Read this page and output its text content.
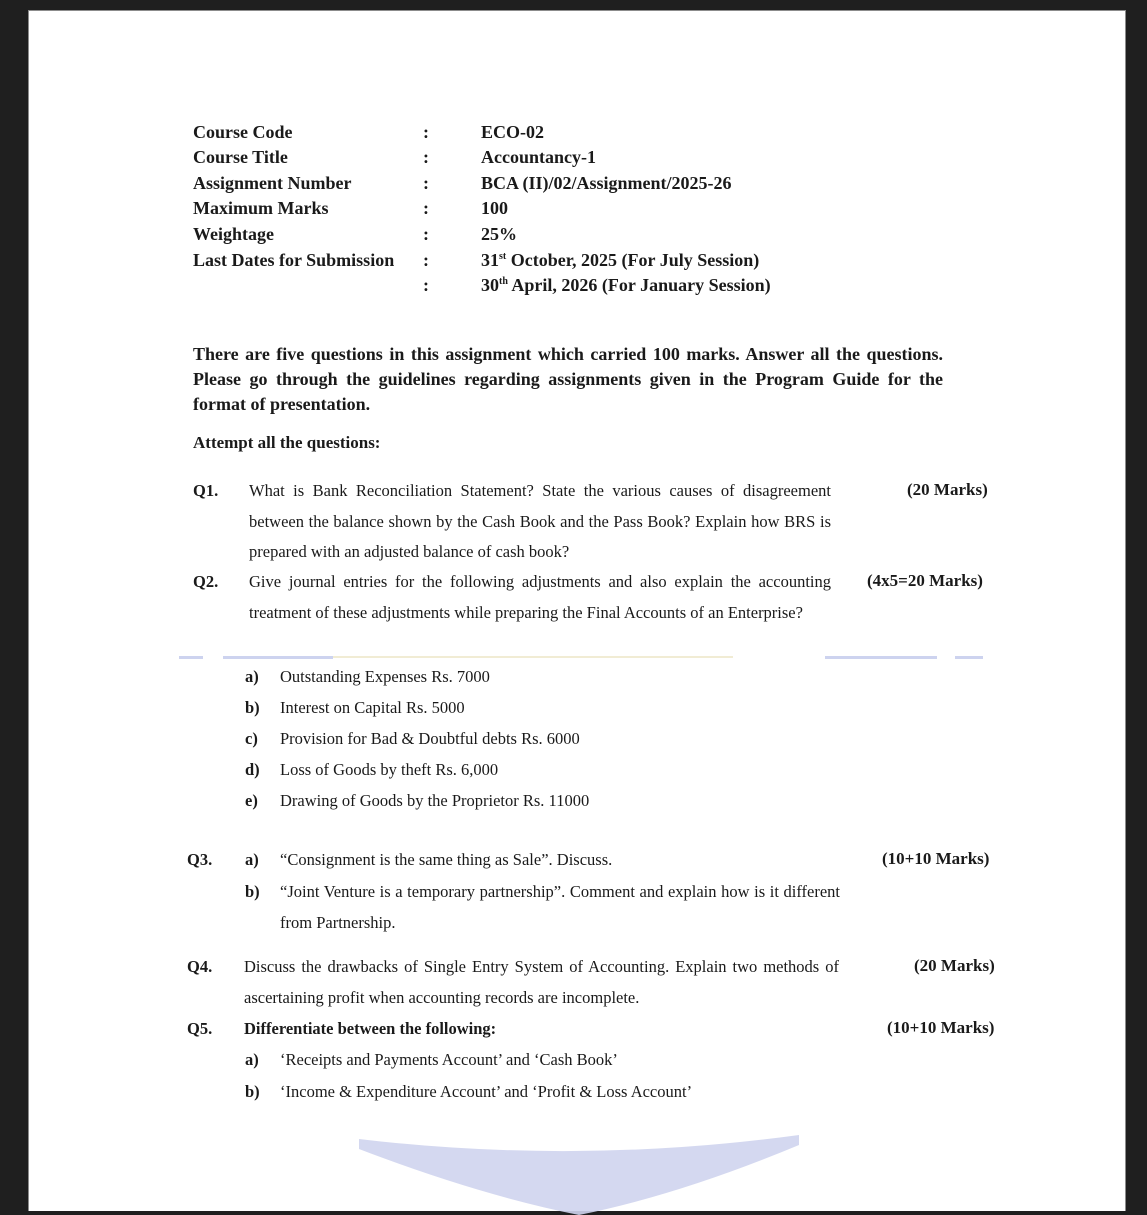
Course Code	:	ECO-02
Course Title	:	Accountancy-1
Assignment Number	:	BCA (II)/02/Assignment/2025-26
Maximum Marks	:	100
Weightage	:	25%
Last Dates for Submission :	31st October, 2025 (For July Session)
:	30th April, 2026 (For January Session)
There are five questions in this assignment which carried 100 marks. Answer all the questions. Please go through the guidelines regarding assignments given in the Program Guide for the format of presentation.
Attempt all the questions:
Q1. What is Bank Reconciliation Statement? State the various causes of disagreement between the balance shown by the Cash Book and the Pass Book? Explain how BRS is prepared with an adjusted balance of cash book?
(20 Marks)
Q2. Give journal entries for the following adjustments and also explain the accounting treatment of these adjustments while preparing the Final Accounts of an Enterprise?
(4x5=20 Marks)
a) Outstanding Expenses Rs. 7000
b) Interest on Capital Rs. 5000
c) Provision for Bad & Doubtful debts Rs. 6000
d) Loss of Goods by theft Rs. 6,000
e) Drawing of Goods by the Proprietor Rs. 11000
Q3. a) “Consignment is the same thing as Sale”. Discuss.	(10+10 Marks)
b) “Joint Venture is a temporary partnership”. Comment and explain how is it different from Partnership.
Q4. Discuss the drawbacks of Single Entry System of Accounting. Explain two methods of ascertaining profit when accounting records are incomplete.
(20 Marks)
Q5. Differentiate between the following:	(10+10 Marks)
a) ‘Receipts and Payments Account’ and ‘Cash Book’
b) ‘Income & Expenditure Account’ and ‘Profit & Loss Account’
